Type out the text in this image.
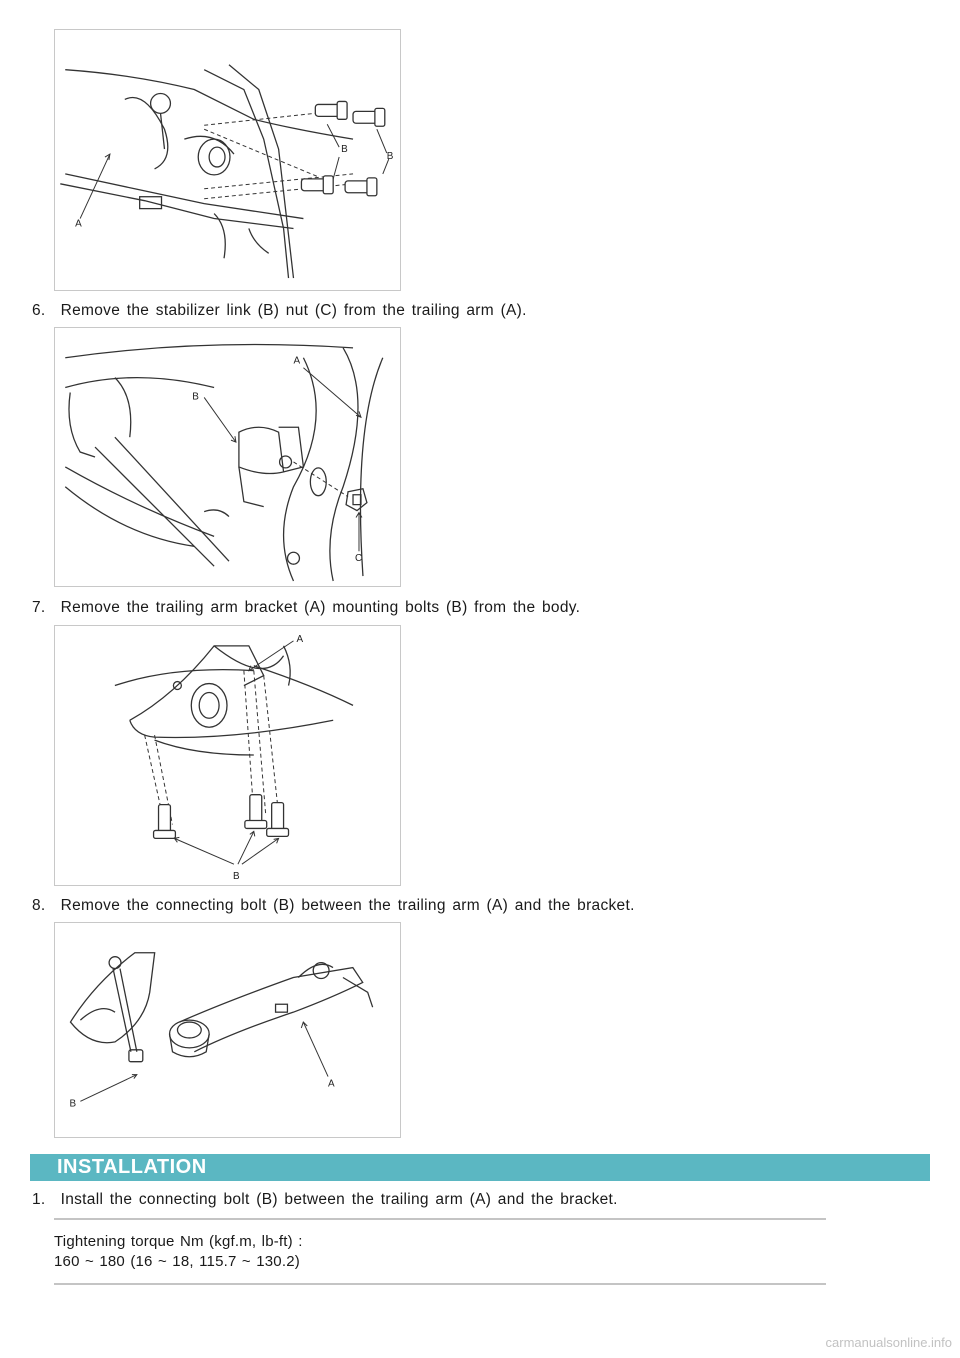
A
B
B
6. Remove the stabilizer link (B) nut (C) from the trailing arm (A).
A
B
C
7. Remove the trailing arm bracket (A) mounting bolts (B) from the body.
A
B
8. Remove the connecting bolt (B) between the trailing arm (A) and the bracket.
A
B
INSTALLATION
1. Install the connecting bolt (B) between the trailing arm (A) and the bracket.
Tightening torque Nm (kgf.m, lb-ft) :
160 ~ 180 (16 ~ 18, 115.7 ~ 130.2)
carmanualsonline.info
